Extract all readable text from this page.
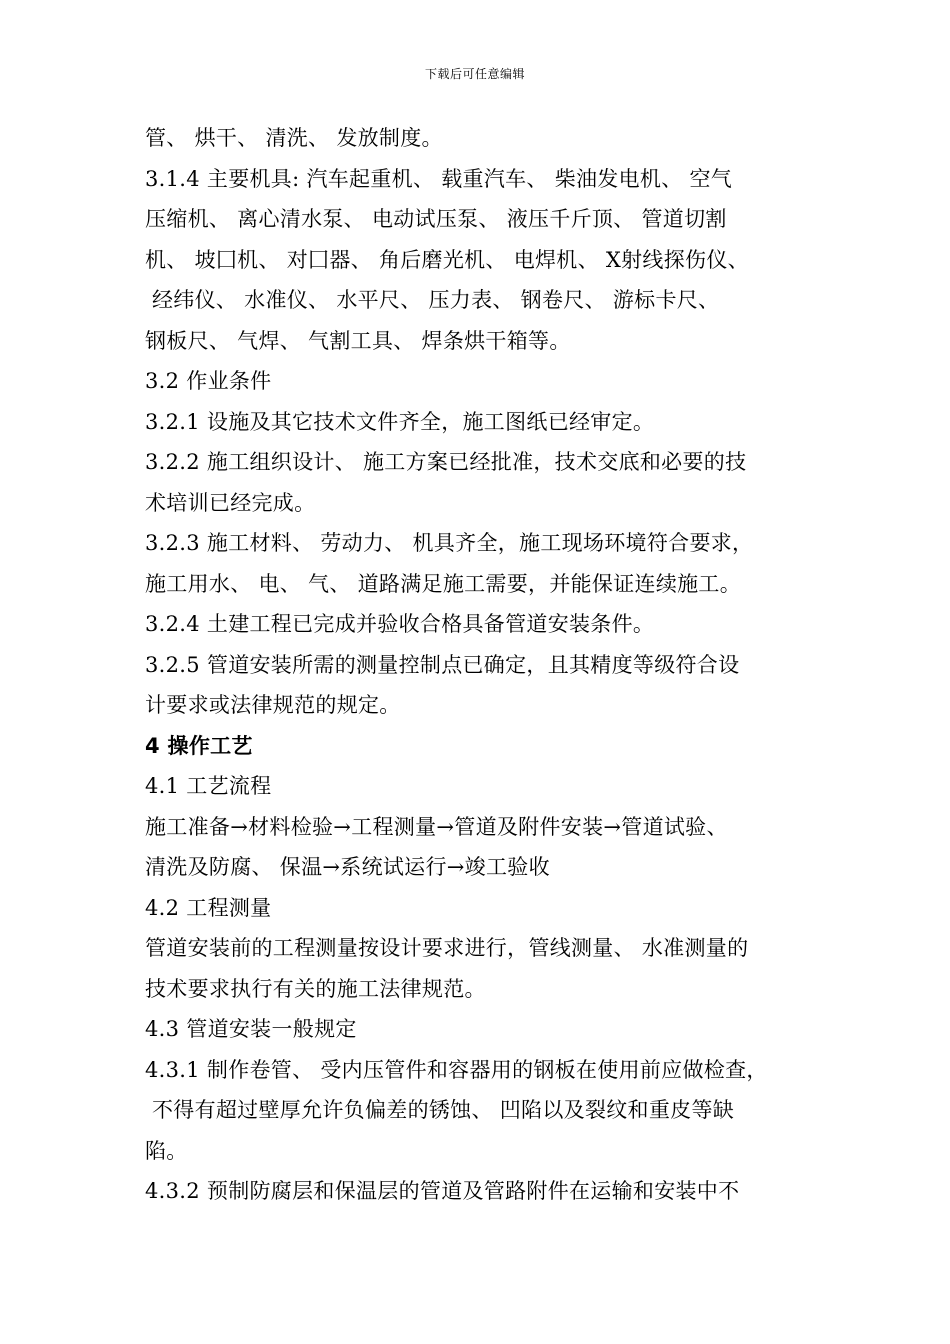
下载后可任意编辑
管、 烘干、 清洗、 发放制度。
3.1.4 主要机具: 汽车起重机、 载重汽车、 柴油发电机、 空气
压缩机、 离心清水泵、 电动试压泵、 液压千斤顶、 管道切割
机、 坡囗机、 对囗器、 角后磨光机、 电焊机、 X射线探伤仪、
经纬仪、 水准仪、 水平尺、 压力表、 钢卷尺、 游标卡尺、
钢板尺、 气焊、 气割工具、 焊条烘干箱等。
3.2 作业条件
3.2.1 设施及其它技术文件齐全，施工图纸已经审定。
3.2.2 施工组织设计、 施工方案已经批准，技术交底和必要的技
术培训已经完成。
3.2.3 施工材料、 劳动力、 机具齐全，施工现场环境符合要求，
施工用水、 电、 气、 道路满足施工需要，并能保证连续施工。
3.2.4 土建工程已完成并验收合格具备管道安装条件。
3.2.5 管道安装所需的测量控制点已确定，且其精度等级符合设
计要求或法律规范的规定。
4 操作工艺
4.1 工艺流程
施工准备→材料检验→工程测量→管道及附件安装→管道试验、
清洗及防腐、 保温→系统试运行→竣工验收
4.2 工程测量
管道安装前的工程测量按设计要求进行，管线测量、 水准测量的
技术要求执行有关的施工法律规范。
4.3 管道安装一般规定
4.3.1 制作卷管、 受内压管件和容器用的钢板在使用前应做检查，
不得有超过壁厚允许负偏差的锈蚀、 凹陷以及裂纹和重皮等缺
陷。
4.3.2 预制防腐层和保温层的管道及管路附件在运输和安装中不
